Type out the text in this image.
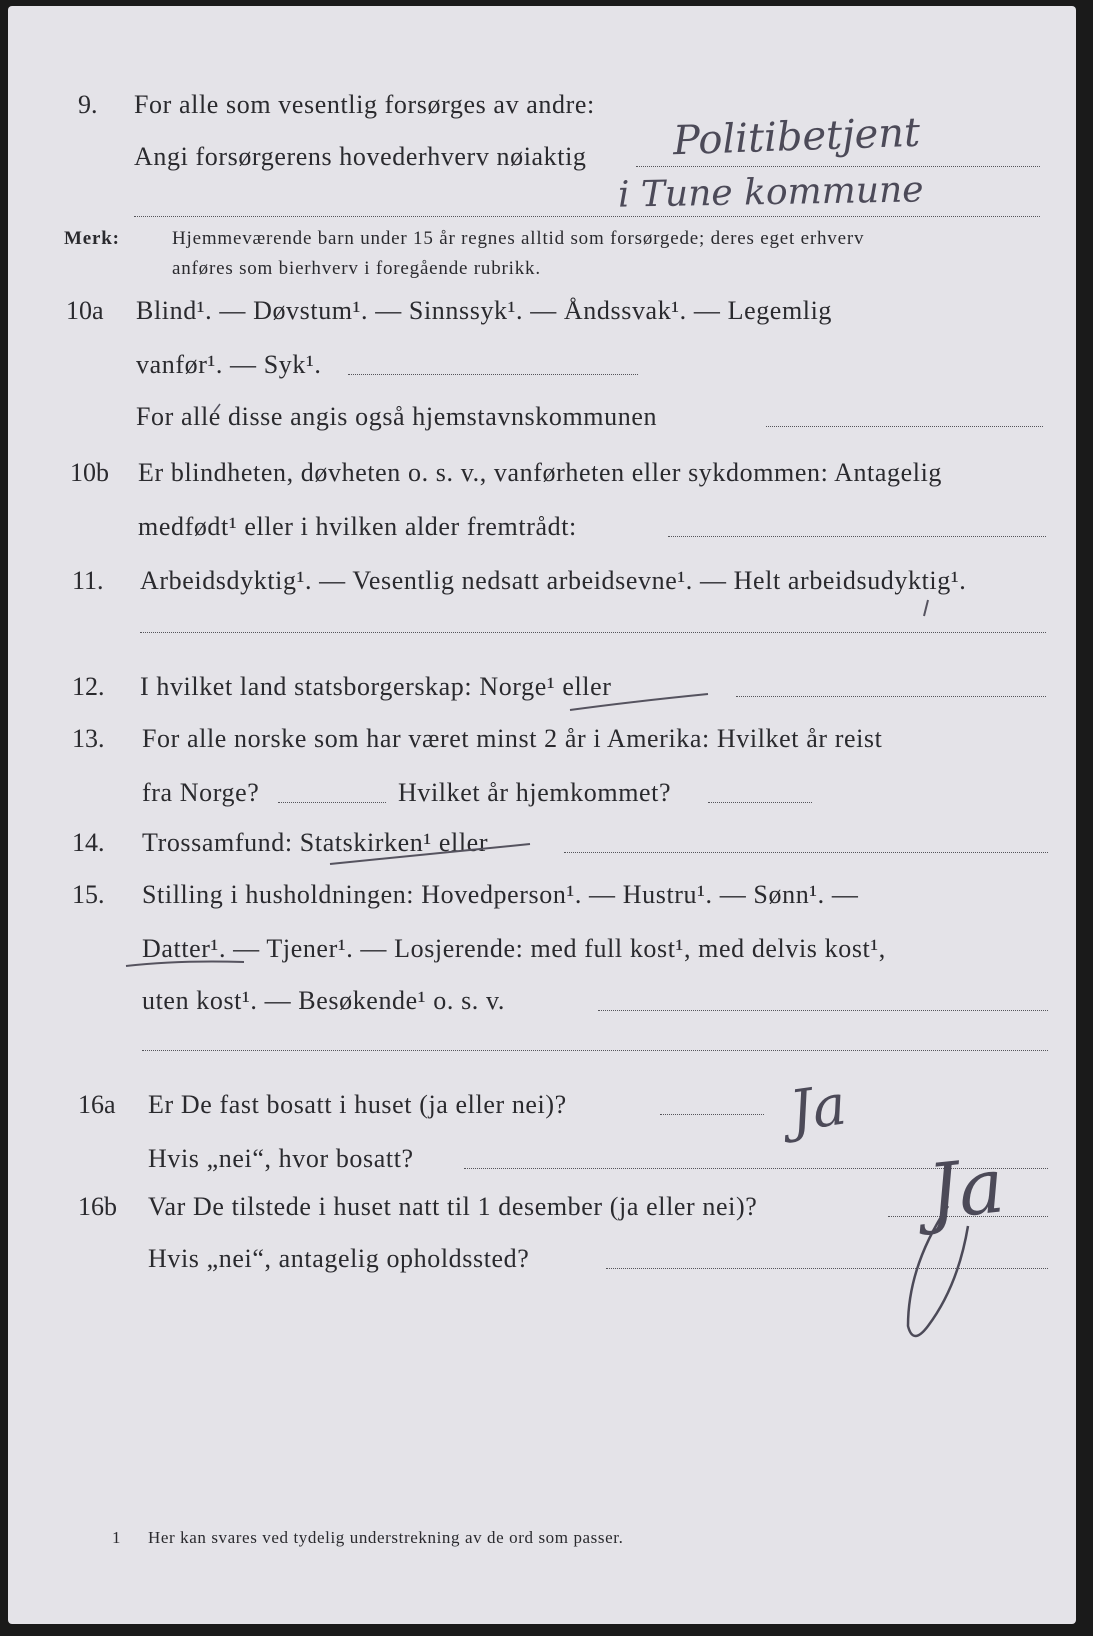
9. For alle som vesentlig forsørges av andre:
Angi forsørgerens hovederhverv nøiaktig Politibetjent
i Tune kommune
Merk:	Hjemmeværende barn under 15 år regnes alltid som forsørgede; deres eget erhverv
anføres som bierhverv i foregående rubrikk.
10a Blind¹. — Døvstum¹. — Sinnssyk¹. — Åndssvak¹. — Legemlig
vanfør¹. — Syk¹.
For alle disse angis også hjemstavnskommunen
10b Er blindheten, døvheten o. s. v., vanførheten eller sykdommen: Antagelig
medfødt¹ eller i hvilken alder fremtrådt:
11. Arbeidsdyktig¹. — Vesentlig nedsatt arbeidsevne¹. — Helt arbeidsudyktig¹.
12. I hvilket land statsborgerskap: Norge¹ eller
13. For alle norske som har været minst 2 år i Amerika: Hvilket år reist
fra Norge?	Hvilket år hjemkommet?
14. Trossamfund: Statskirken¹ eller
15. Stilling i husholdningen: Hovedperson¹. — Hustru¹. — Sønn¹. —
Datter¹. — Tjener¹. — Losjerende: med full kost¹, med delvis kost¹,
uten kost¹. — Besøkende¹ o. s. v.
16a Er De fast bosatt i huset (ja eller nei)?	Ja
Hvis „nei“, hvor bosatt?
16b Var De tilstede i huset natt til 1 desember (ja eller nei)? Ja
Hvis „nei“, antagelig opholdssted?
1 Her kan svares ved tydelig understrekning av de ord som passer.
